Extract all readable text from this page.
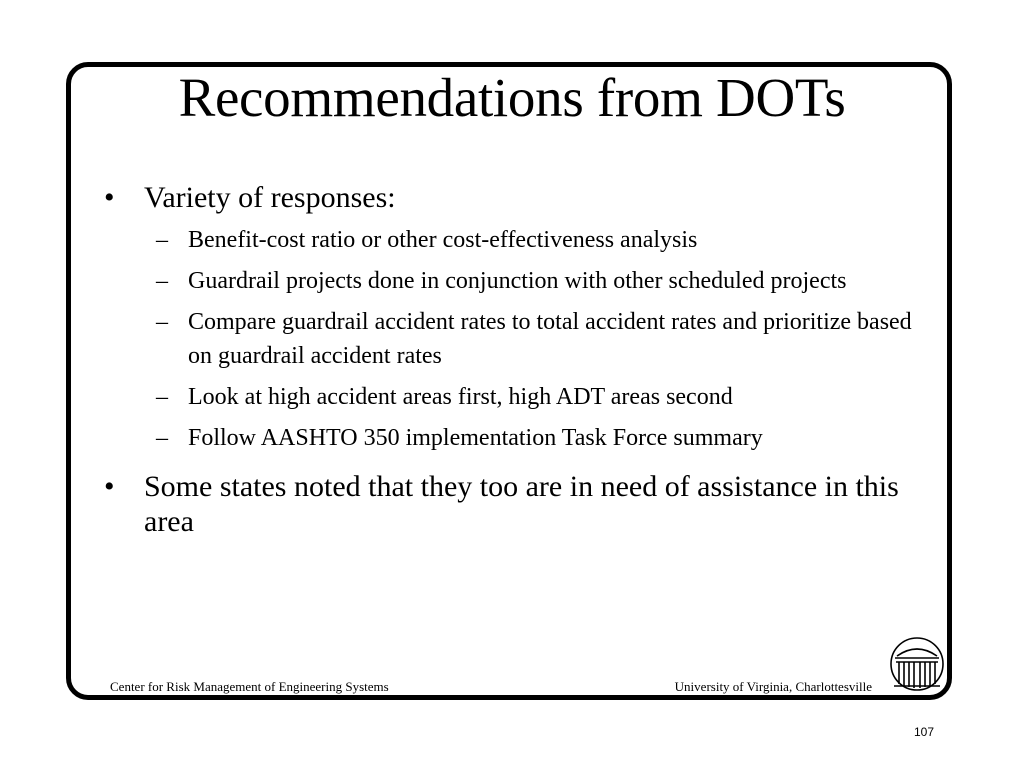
Recommendations from DOTs
• Variety of responses:
– Benefit-cost ratio or other cost-effectiveness analysis
– Guardrail projects done in conjunction with other scheduled projects
– Compare guardrail accident rates to total accident rates and prioritize based on guardrail accident rates
– Look at high accident areas first, high ADT areas second
– Follow AASHTO 350 implementation Task Force summary
• Some states noted that they too are in need of assistance in this area
Center for Risk Management of Engineering Systems	University of Virginia, Charlottesville
107
